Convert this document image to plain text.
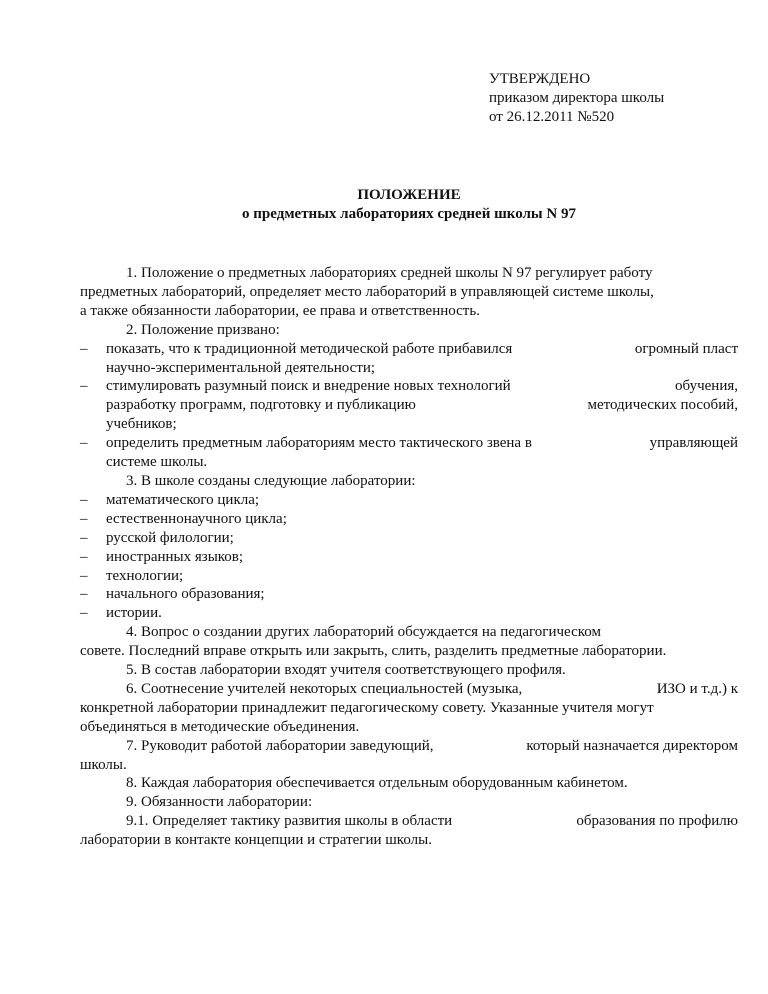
УТВЕРЖДЕНО
приказом директора школы
от 26.12.2011 №520
ПОЛОЖЕНИЕ
о предметных лабораториях средней школы N 97
1. Положение о предметных лабораториях средней школы N 97 регулирует работу
предметных лабораторий, определяет место лабораторий в управляющей системе школы,
а также обязанности лаборатории, ее права и ответственность.
2. Положение призвано:
– показать, что к традиционной методической работе прибавился	огромный пласт
научно-экспериментальной деятельности;
– стимулировать разумный поиск и внедрение новых технологий	обучения,
разработку программ, подготовку и публикацию	методических пособий,
учебников;
– определить предметным лабораториям место тактического звена в	управляющей
системе школы.
3. В школе созданы следующие лаборатории:
– математического цикла;
– естественнонаучного цикла;
– русской филологии;
– иностранных языков;
– технологии;
– начального образования;
– истории.
4. Вопрос о создании других лабораторий обсуждается на педагогическом
совете. Последний вправе открыть или закрыть, слить, разделить предметные лаборатории.
5. В состав лаборатории входят учителя соответствующего профиля.
6. Соотнесение учителей некоторых специальностей (музыка,	ИЗО и т.д.) к
конкретной лаборатории принадлежит педагогическому совету. Указанные учителя могут
объединяться в методические объединения.
7. Руководит работой лаборатории заведующий,	который назначается директором
школы.
8. Каждая лаборатория обеспечивается отдельным оборудованным кабинетом.
9. Обязанности лаборатории:
9.1. Определяет тактику развития школы в области	образования по профилю
лаборатории в контакте концепции и стратегии школы.
